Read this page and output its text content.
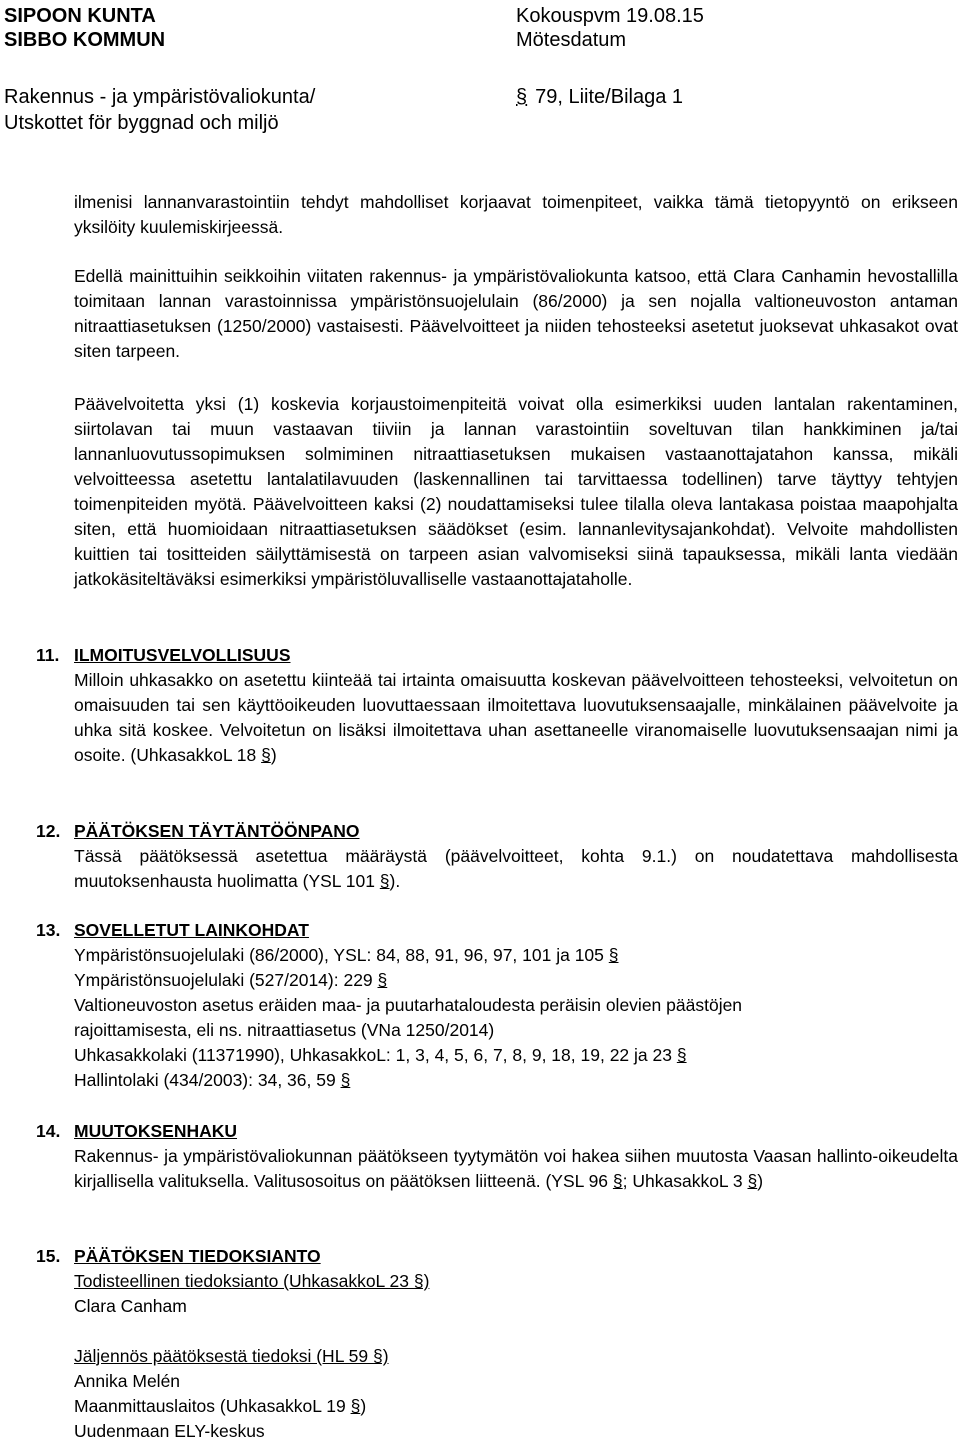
SIPOON KUNTA
SIBBO KOMMUN
Kokouspvm 19.08.15
Mötesdatum
Rakennus - ja ympäristövaliokunta/
Utskottet för byggnad och miljö
§ 79, Liite/Bilaga 1

ilmenisi lannanvarastointiin tehdyt mahdolliset korjaavat toimenpiteet, vaikka tämä tietopyyntö on erikseen yksilöity kuulemiskirjeessä.

Edellä mainittuihin seikkoihin viitaten rakennus- ja ympäristövaliokunta katsoo, että Clara Canhamin hevostallilla toimitaan lannan varastoinnissa ympäristönsuojelulain (86/2000) ja sen nojalla valtioneuvoston antaman nitraattiasetuksen (1250/2000) vastaisesti. Päävelvoitteet ja niiden tehosteeksi asetetut juoksevat uhkasakot ovat siten tarpeen.

Päävelvoitetta yksi (1) koskevia korjaustoimenpiteitä voivat olla esimerkiksi uuden lantalan rakentaminen, siirtolavan tai muun vastaavan tiiviin ja lannan varastointiin soveltuvan tilan hankkiminen ja/tai lannanluovutussopimuksen solmiminen nitraattiasetuksen mukaisen vastaanottajatahon kanssa, mikäli velvoitteessa asetettu lantalatilavuuden (laskennallinen tai tarvittaessa todellinen) tarve täyttyy tehtyjen toimenpiteiden myötä. Päävelvoitteen kaksi (2) noudattamiseksi tulee tilalla oleva lantakasa poistaa maapohjalta siten, että huomioidaan nitraattiasetuksen säädökset (esim. lannanlevitysajankohdat). Velvoite mahdollisten kuittien tai tositteiden säilyttämisestä on tarpeen asian valvomiseksi siinä tapauksessa, mikäli lanta viedään jatkokäsiteltäväksi esimerkiksi ympäristöluvalliselle vastaanottajataholle.

11. ILMOITUSVELVOLLISUUS
Milloin uhkasakko on asetettu kiinteää tai irtainta omaisuutta koskevan päävelvoitteen tehosteeksi, velvoitetun on omaisuuden tai sen käyttöoikeuden luovuttaessaan ilmoitettava luovutuksensaajalle, minkälainen päävelvoite ja uhka sitä koskee. Velvoitetun on lisäksi ilmoitettava uhan asettaneelle viranomaiselle luovutuksensaajan nimi ja osoite. (UhkasakkoL 18 §)
12. PÄÄTÖKSEN TÄYTÄNTÖÖNPANO
Tässä päätöksessä asetettua määräystä (päävelvoitteet, kohta 9.1.) on noudatettava mahdollisesta muutoksenhausta huolimatta (YSL 101 §).
13. SOVELLETUT LAINKOHDAT
Ympäristönsuojelulaki (86/2000), YSL: 84, 88, 91, 96, 97, 101 ja 105 §
Ympäristönsuojelulaki (527/2014): 229 §
Valtioneuvoston asetus eräiden maa- ja puutarhataloudesta peräisin olevien päästöjen
rajoittamisesta, eli ns. nitraattiasetus (VNa 1250/2014)
Uhkasakkolaki (11371990), UhkasakkoL: 1, 3, 4, 5, 6, 7, 8, 9, 18, 19, 22 ja 23 §
Hallintolaki (434/2003): 34, 36, 59 §
14. MUUTOKSENHAKU
Rakennus- ja ympäristövaliokunnan päätökseen tyytymätön voi hakea siihen muutosta Vaasan hallinto-oikeudelta kirjallisella valituksella. Valitusosoitus on päätöksen liitteenä. (YSL 96 §; UhkasakkoL 3 §)
15. PÄÄTÖKSEN TIEDOKSIANTO
Todisteellinen tiedoksianto (UhkasakkoL 23 §)
Clara Canham
Jäljennös päätöksestä tiedoksi (HL 59 §)
Annika Melén
Maanmittauslaitos (UhkasakkoL 19 §)
Uudenmaan ELY-keskus
